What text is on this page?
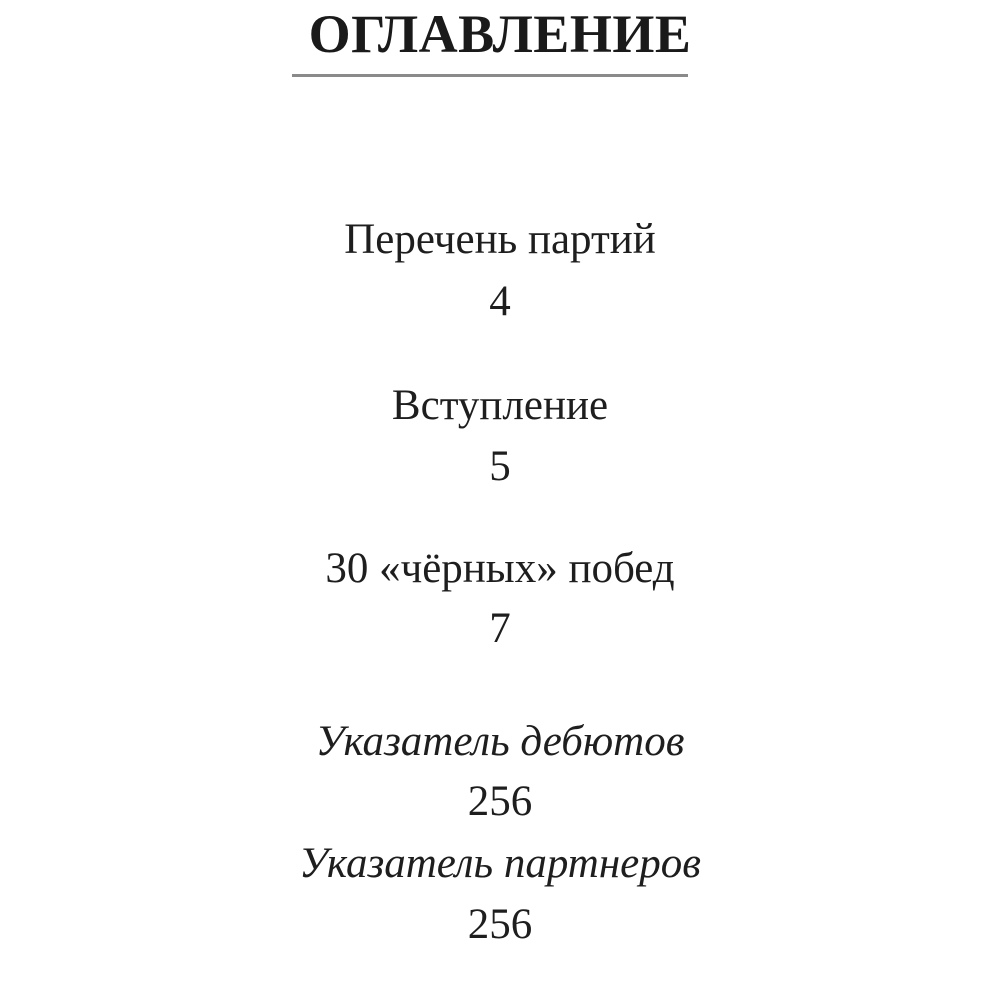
ОГЛАВЛЕНИЕ
Перечень партий
4
Вступление
5
30 «чёрных» побед
7
Указатель дебютов
256
Указатель партнеров
256
